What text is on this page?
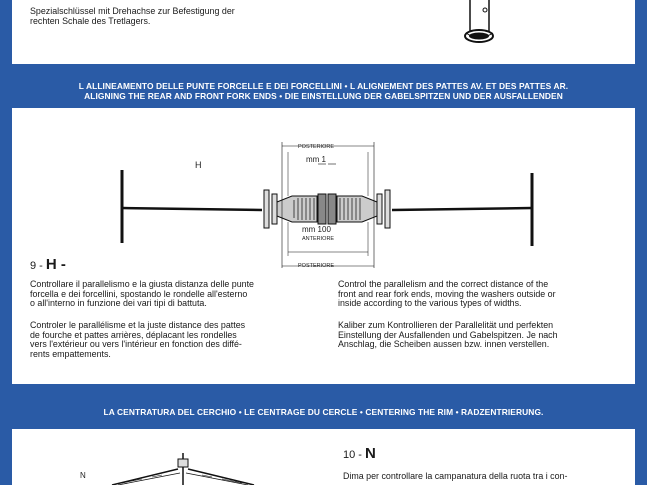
Spezialschlüssel mit Drehachse zur Befestigung der
rechten Schale des Tretlagers.
L ALLINEAMENTO DELLE PUNTE FORCELLE E DEI FORCELLINI • L ALIGNEMENT DES PATTES AV. ET DES PATTES AR.
ALIGNING THE REAR AND FRONT FORK ENDS • DIE EINSTELLUNG DER GABELSPITZEN UND DER AUSFALLENDEN
H
POSTERIORE
mm 1
mm 100
ANTERIORE
POSTERIORE
9 - H -
Controllare il parallelismo e la giusta distanza delle punte
forcella e dei forcellini, spostando le rondelle all'esterno
o all'interno in funzione dei vari tipi di battuta.
Controler le parallélisme et la juste distance des pattes
de fourche et pattes arrières, déplacant les rondelles
vers l'extérieur ou vers l'intérieur en fonction des diffé-
rents empattements.
Control the parallelism and the correct distance of the
front and rear fork ends, moving the washers outside or
inside according to the various types of widths.
Kaliber zum Kontrollieren der Parallelität und perfekten
Einstellung der Ausfallenden und Gabelspitzen. Je nach
Anschlag, die Scheiben aussen bzw. innen verstellen.
LA CENTRATURA DEL CERCHIO • LE CENTRAGE DU CERCLE • CENTERING THE RIM • RADZENTRIERUNG.
N
10 - N
Dima per controllare la campanatura della ruota tra i con-
